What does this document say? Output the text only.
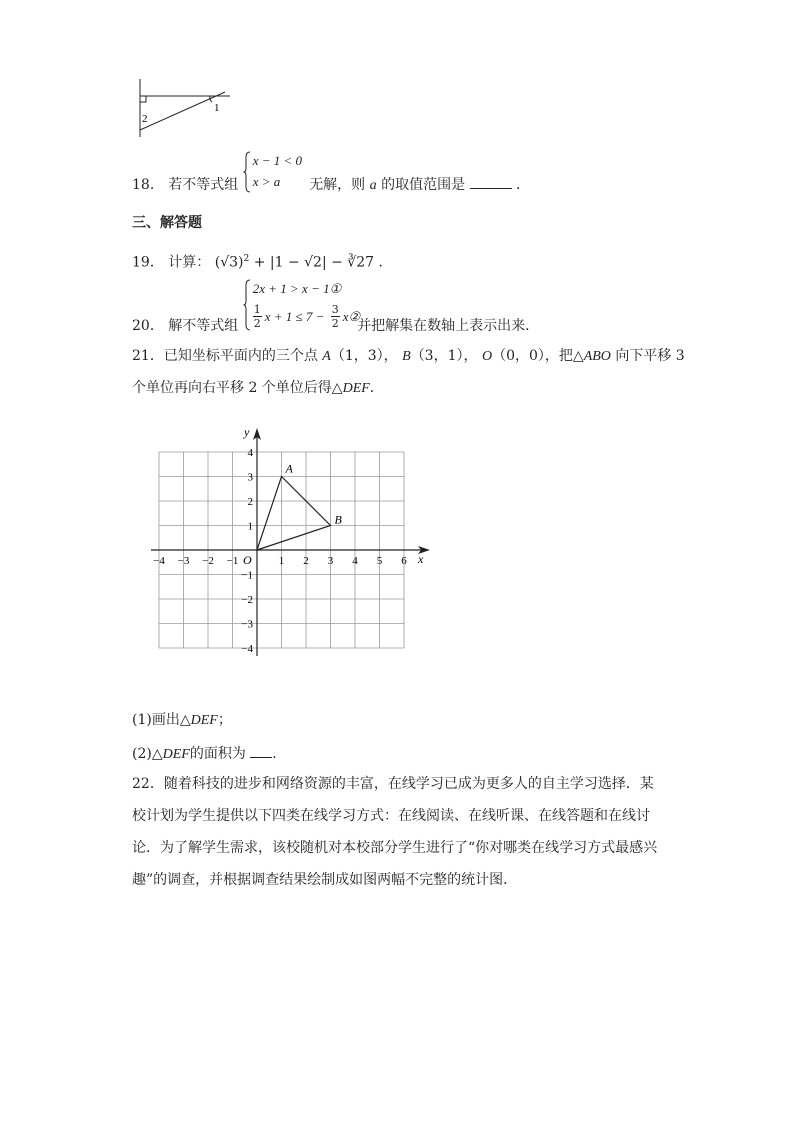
1
2
18． 若不等式组
x − 1 < 0
x > a 无解，则 a 的取值范围是	．
三、解答题
19． 计算： $(√3)^2 + |1 - √2|$ − ∛27 ．
20． 解不等式组
2x + 1 > x − 1①
1
2 x + 1 ≤ 7 − 3
2 x②
并把解集在数轴上表示出来．
21．已知坐标平面内的三个点 A（1，3）， B（3，1）， O（0，0），把△ABO 向下平移 3
个单位再向右平移 2 个单位后得△DEF．
x
y
O
−4 −3 −2 −1	1 2 3 4 5 6
4
3
2
1
−1
−2
−3
−4
A
B
(1)画出△DEF；
(2)△DEF的面积为 ．
22．随着科技的进步和网络资源的丰富，在线学习已成为更多人的自主学习选择．某
校计划为学生提供以下四类在线学习方式：在线阅读、在线听课、在线答题和在线讨
论．为了解学生需求，该校随机对本校部分学生进行了“你对哪类在线学习方式最感兴
趣”的调查，并根据调查结果绘制成如图两幅不完整的统计图．
